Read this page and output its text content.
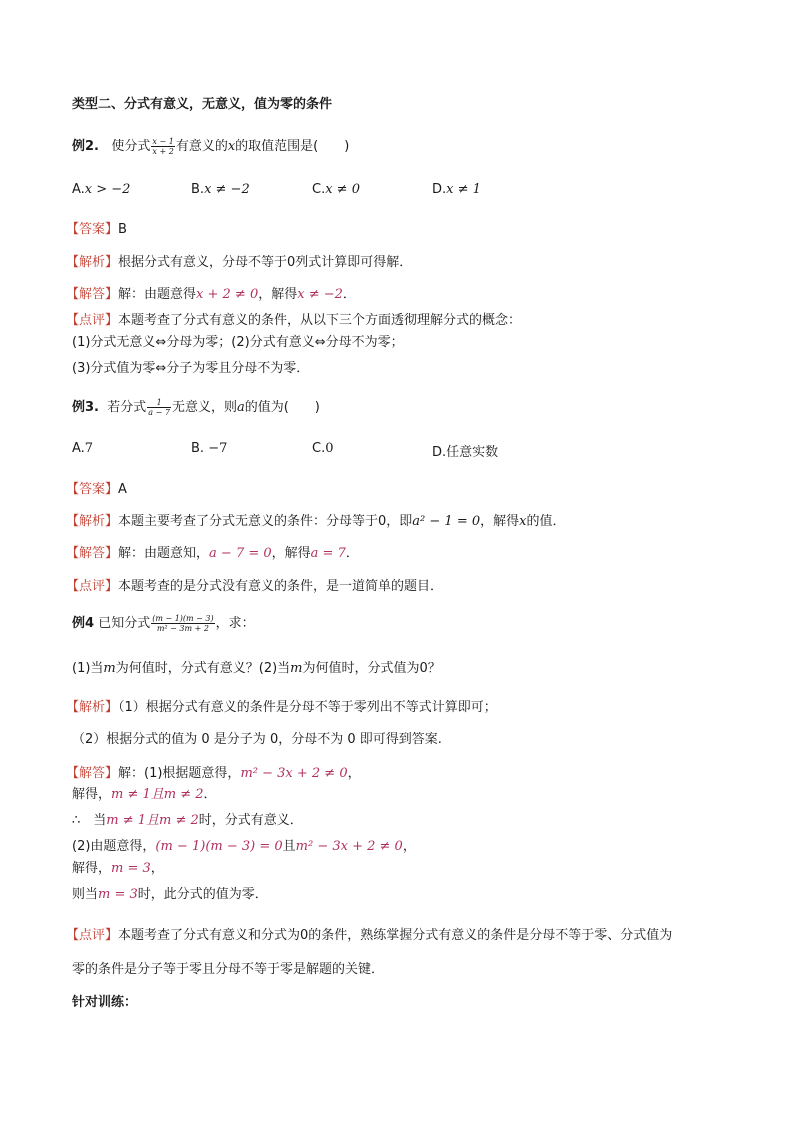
类型二、分式有意义，无意义，值为零的条件
例2. 使分式 $\frac{x - 1}{x + 2}$ 有意义的x的取值范围是(　　)
A.x > −2	B.x ≠ −2	C.x ≠ 0	D.x ≠ 1
【答案】B
【解析】根据分式有意义，分母不等于0列式计算即可得解．
【解答】解：由题意得x + 2 ≠ 0，解得x ≠ −2．
【点评】本题考查了分式有意义的条件，从以下三个方面透彻理解分式的概念：
(1)分式无意义⇔分母为零；(2)分式有意义⇔分母不为零；
(3)分式值为零⇔分子为零且分母不为零．
例3. 若分式 $\frac{1}{a - 7}$ 无意义，则a的值为(　　)
A.7	B. −7	C.0	D.任意实数
【答案】A
【解析】本题主要考查了分式无意义的条件：分母等于0，即a² − 1 = 0，解得x的值．
【解答】解：由题意知，a − 7 = 0，解得a = 7．
【点评】本题考查的是分式没有意义的条件，是一道简单的题目．
例4 已知分式 $\frac{(m - 1)(m - 3)}{\text{m² − 3m + 2}}$ ，求：
(1)当m为何值时，分式有意义？(2)当m为何值时，分式值为0？
【解析】（1）根据分式有意义的条件是分母不等于零列出不等式计算即可；
（2）根据分式的值为 0 是分子为 0，分母不为 0 即可得到答案.
【解答】解：(1)根据题意得，m² − 3x + 2 ≠ 0，
解得，m ≠ 1且m ≠ 2．
∴　当m ≠ 1且m ≠ 2时，分式有意义．
(2)由题意得，(m − 1)(m − 3) = 0且m² − 3x + 2 ≠ 0，
解得，m = 3，
则当m = 3时，此分式的值为零．
【点评】本题考查了分式有意义和分式为0的条件，熟练掌握分式有意义的条件是分母不等于零、分式值为
零的条件是分子等于零且分母不等于零是解题的关键．
针对训练：
